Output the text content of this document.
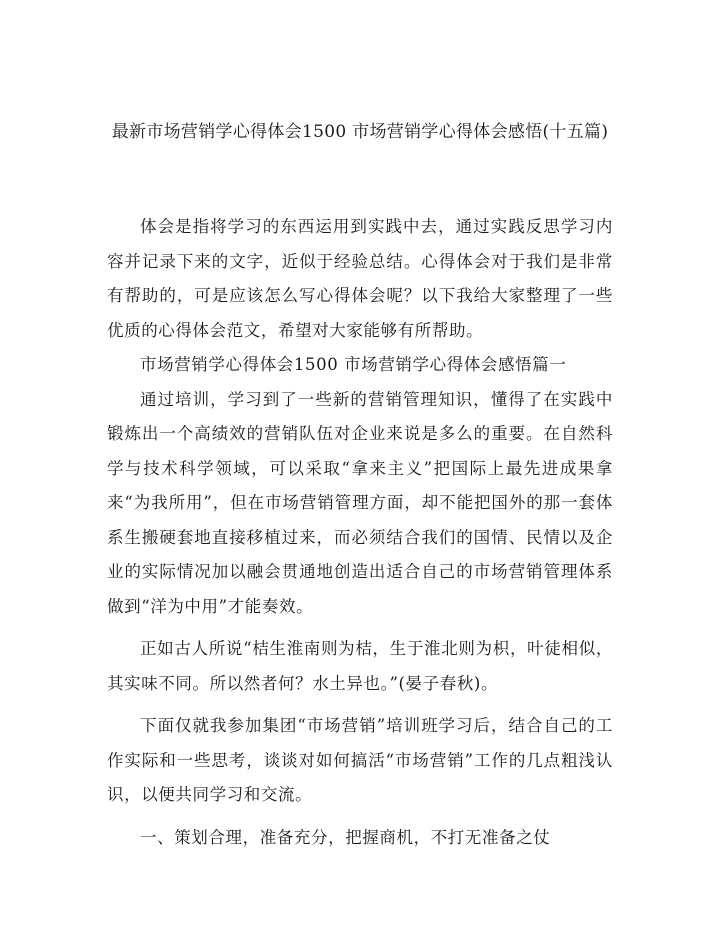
最新市场营销学心得体会1500 市场营销学心得体会感悟(十五篇)

体会是指将学习的东西运用到实践中去，通过实践反思学习内容并记录下来的文字，近似于经验总结。心得体会对于我们是非常有帮助的，可是应该怎么写心得体会呢？以下我给大家整理了一些优质的心得体会范文，希望对大家能够有所帮助。

市场营销学心得体会1500 市场营销学心得体会感悟篇一

通过培训，学习到了一些新的营销管理知识，懂得了在实践中锻炼出一个高绩效的营销队伍对企业来说是多么的重要。在自然科学与技术科学领域，可以采取“拿来主义”把国际上最先进成果拿来“为我所用”，但在市场营销管理方面，却不能把国外的那一套体系生搬硬套地直接移植过来，而必须结合我们的国情、民情以及企业的实际情况加以融会贯通地创造出适合自己的市场营销管理体系做到“洋为中用”才能奏效。

正如古人所说“桔生淮南则为桔，生于淮北则为枳，叶徒相似，其实味不同。所以然者何？水土异也。”(晏子春秋)。

下面仅就我参加集团“市场营销”培训班学习后，结合自己的工作实际和一些思考，谈谈对如何搞活“市场营销”工作的几点粗浅认识，以便共同学习和交流。

一、策划合理，准备充分，把握商机，不打无准备之仗
